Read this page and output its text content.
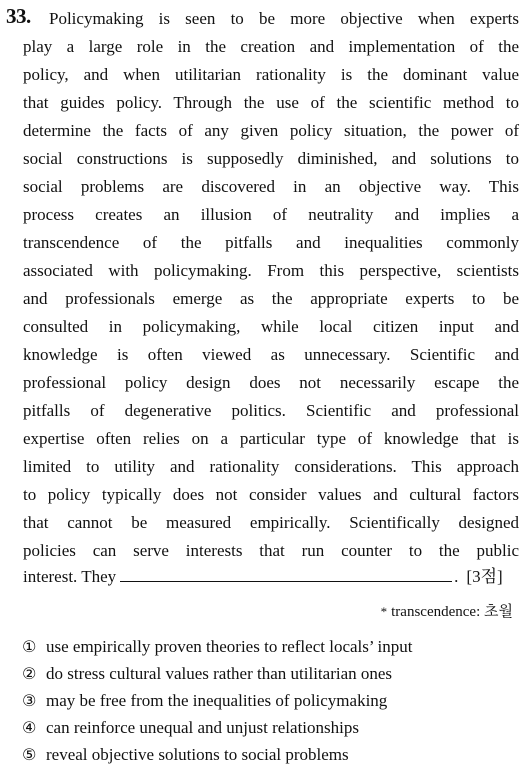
33. Policymaking is seen to be more objective when experts
play a large role in the creation and implementation of the
policy, and when utilitarian rationality is the dominant value
that guides policy. Through the use of the scientific method to
determine the facts of any given policy situation, the power of
social constructions is supposedly diminished, and solutions to
social problems are discovered in an objective way. This
process creates an illusion of neutrality and implies a
transcendence of the pitfalls and inequalities commonly
associated with policymaking. From this perspective, scientists
and professionals emerge as the appropriate experts to be
consulted in policymaking, while local citizen input and
knowledge is often viewed as unnecessary. Scientific and
professional policy design does not necessarily escape the
pitfalls of degenerative politics. Scientific and professional
expertise often relies on a particular type of knowledge that is
limited to utility and rationality considerations. This approach
to policy typically does not consider values and cultural factors
that cannot be measured empirically. Scientifically designed
policies can serve interests that run counter to the public
interest. They	. [3점]
* transcendence: 초월
① use empirically proven theories to reflect locals’ input
② do stress cultural values rather than utilitarian ones
③ may be free from the inequalities of policymaking
④ can reinforce unequal and unjust relationships
⑤ reveal objective solutions to social problems
